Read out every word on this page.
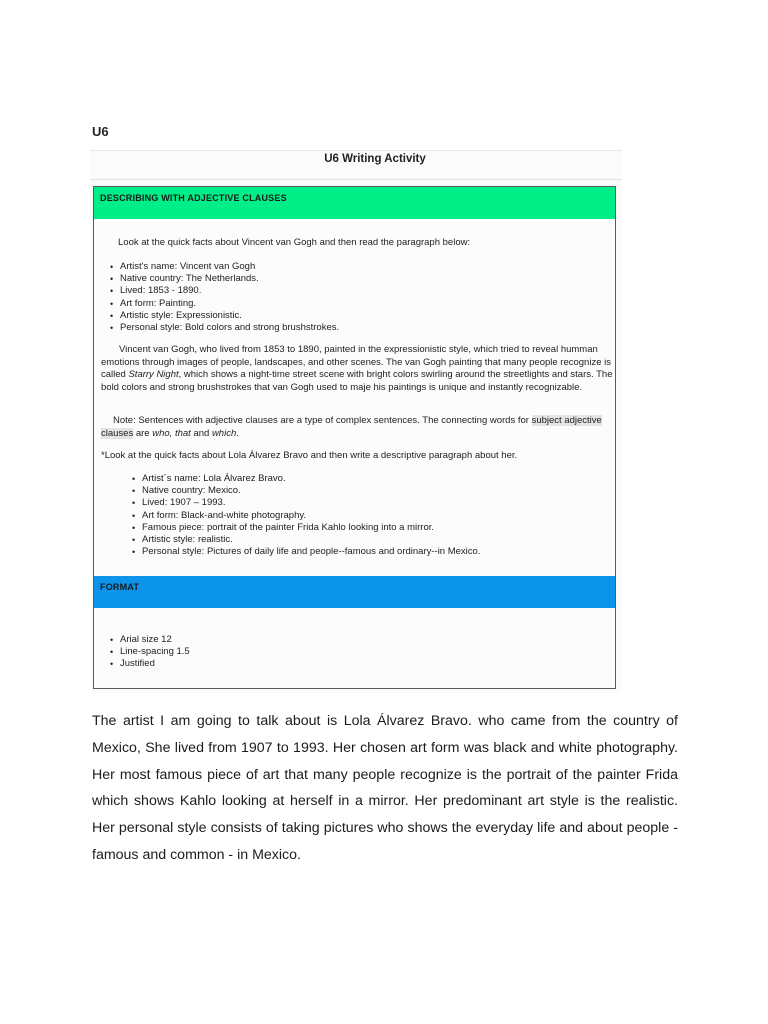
U6
U6 Writing Activity
DESCRIBING WITH ADJECTIVE CLAUSES
Look at the quick facts about Vincent van Gogh and then read the paragraph below:
• Artist's name: Vincent van Gogh
• Native country: The Netherlands.
• Lived: 1853 - 1890.
• Art form: Painting.
• Artistic style: Expressionistic.
• Personal style: Bold colors and strong brushstrokes.
Vincent van Gogh, who lived from 1853 to 1890, painted in the expressionistic style, which tried to reveal humman emotions through images of people, landscapes, and other scenes. The van Gogh painting that many people recognize is called Starry Night, which shows a night-time street scene with bright colors swirling around the streetlights and stars. The bold colors and strong brushstrokes that van Gogh used to maje his paintings is unique and instantly recognizable.
Note: Sentences with adjective clauses are a type of complex sentences. The connecting words for subject adjective clauses are who, that and which.
*Look at the quick facts about Lola Álvarez Bravo and then write a descriptive paragraph about her.
• Artist´s name: Lola Álvarez Bravo.
• Native country: Mexico.
• Lived: 1907 – 1993.
• Art form: Black-and-white photography.
• Famous piece: portrait of the painter Frida Kahlo looking into a mirror.
• Artistic style: realistic.
• Personal style: Pictures of daily life and people--famous and ordinary--in Mexico.
FORMAT
• Arial size 12
• Line-spacing 1.5
• Justified
The artist I am going to talk about is Lola Álvarez Bravo. who came from the country of Mexico, She lived from 1907 to 1993. Her chosen art form was black and white photography. Her most famous piece of art that many people recognize is the portrait of the painter Frida which shows Kahlo looking at herself in a mirror. Her predominant art style is the realistic. Her personal style consists of taking pictures who shows the everyday life and about people - famous and common - in Mexico.
